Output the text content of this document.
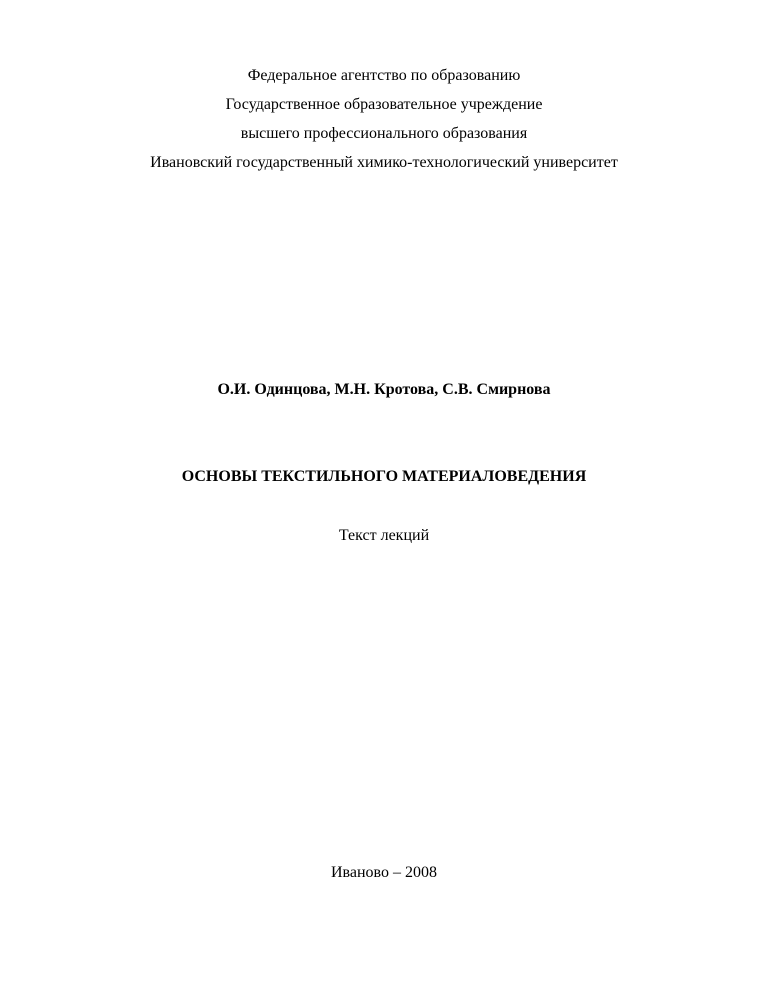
Федеральное агентство по образованию
Государственное образовательное учреждение
высшего профессионального образования
Ивановский государственный химико-технологический университет
О.И. Одинцова, М.Н. Кротова, С.В. Смирнова
ОСНОВЫ ТЕКСТИЛЬНОГО МАТЕРИАЛОВЕДЕНИЯ
Текст лекций
Иваново – 2008
